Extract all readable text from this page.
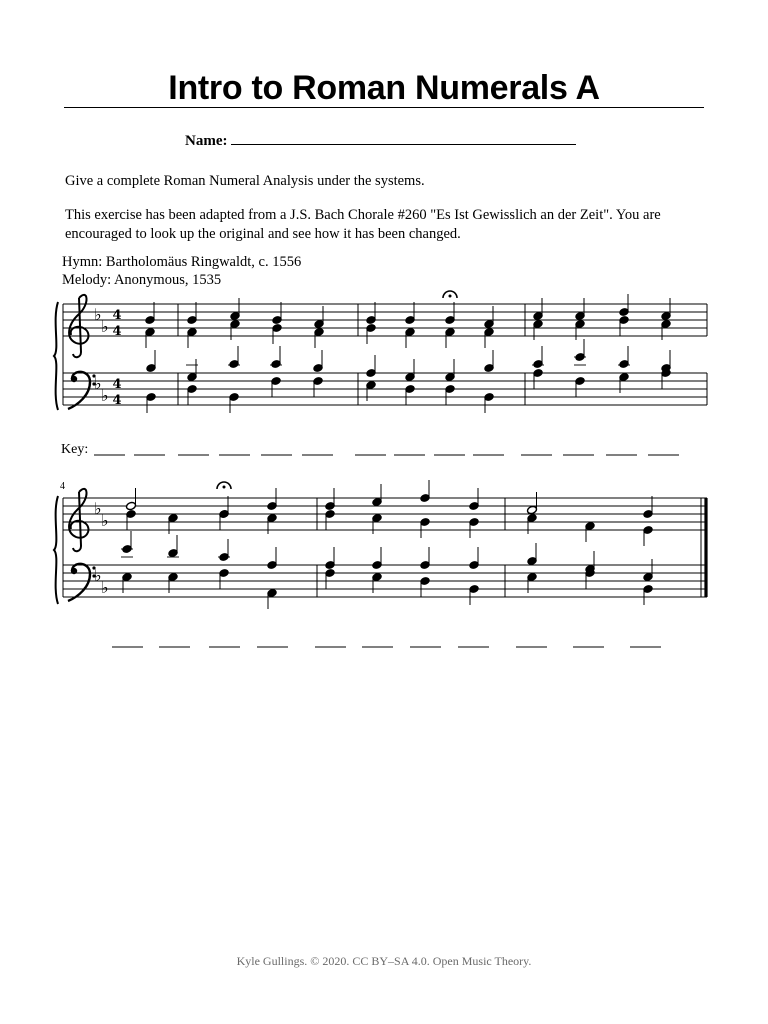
Intro to Roman Numerals A
Name:
Give a complete Roman Numeral Analysis under the systems.
This exercise has been adapted from a J.S. Bach Chorale #260 "Es Ist Gewisslich an der Zeit". You are encouraged to look up the original and see how it has been changed.
Hymn: Bartholomäus Ringwaldt, c. 1556
Melody: Anonymous, 1535
Key:
♭
♭
♭
♭
4
4
4
4
4
♭
♭
♭
♭
Kyle Gullings. © 2020. CC BY–SA 4.0. Open Music Theory.
